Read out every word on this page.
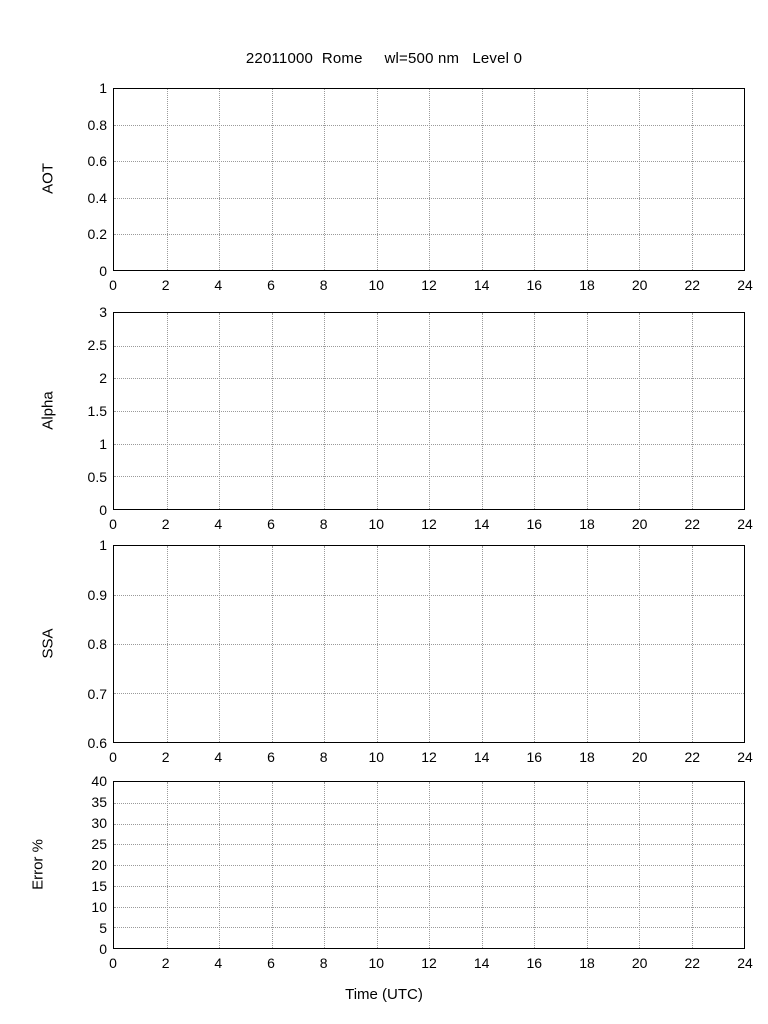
22011000  Rome     wl=500 nm   Level 0
1
0.8
0.6
0.4
0.2
0
AOT
0	2	4	6	8	10	12	14	16	18	20	22	24
3
2.5
2
1.5
1
0.5
0
Alpha
0	2	4	6	8	10	12	14	16	18	20	22	24
1
0.9
0.8
0.7
0.6
SSA
0	2	4	6	8	10	12	14	16	18	20	22	24
40
35
30
25
20
15
10
5
0
Error %
0	2	4	6	8	10	12	14	16	18	20	22	24
Time (UTC)
